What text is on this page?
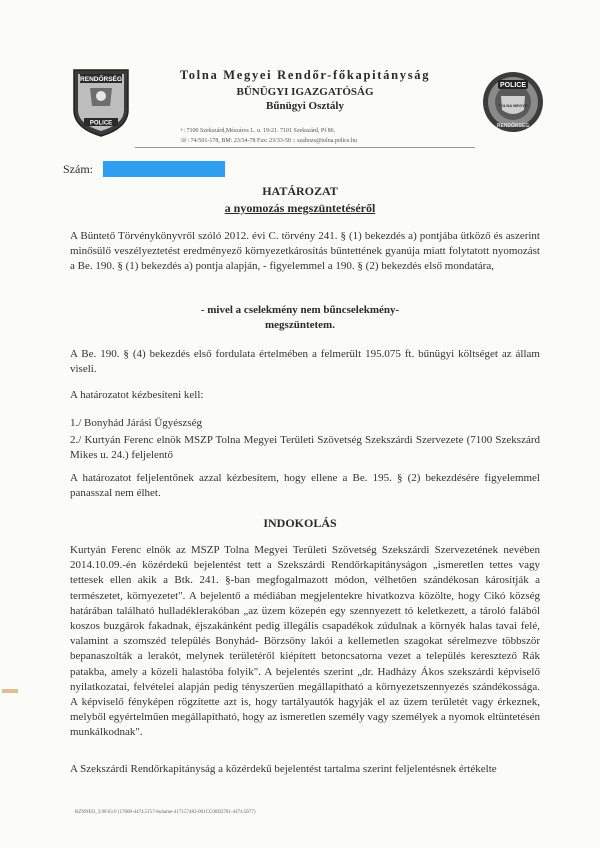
RENDŐRSÉG
POLICE
POLICE
TOLNA MEGYE
RENDŐRSÉG
Tolna Megyei Rendőr-főkapitányság
BŰNÜGYI IGAZGATÓSÁG
Bűnügyi Osztály
+: 7100 Szekszárd,Mészáros L. u. 19-21. 7101 Szekszárd, Pf 86.
☏: 74/501-178, BM: 23/34-78 Fax: 23/33-50 :: szabozs@tolna.police.hu
Szám:
HATÁROZAT
a nyomozás megszüntetéséről
A Büntető Törvénykönyvről szóló 2012. évi C. törvény 241. § (1) bekezdés a) pontjába ütköző és aszerint minősülő veszélyeztetést eredményező környezetkárosítás bűntettének gyanúja miatt folytatott nyomozást a Be. 190. § (1) bekezdés a) pontja alapján, - figyelemmel a 190. § (2) bekezdés első mondatára,
- mivel a cselekmény nem bűncselekmény-
megszüntetem.
A Be. 190. § (4) bekezdés első fordulata értelmében a felmerült 195.075 ft. bűnügyi költséget az állam viseli.
A határozatot kézbesíteni kell:
1./ Bonyhád Járási Ügyészség
2./ Kurtyán Ferenc elnök MSZP Tolna Megyei Területi Szövetség Szekszárdi Szervezete (7100 Szekszárd Mikes u. 24.) feljelentő
A határozatot feljelentőnek azzal kézbesítem, hogy ellene a Be. 195. § (2) bekezdésére figyelemmel panasszal nem élhet.
INDOKOLÁS
Kurtyán Ferenc elnök az MSZP Tolna Megyei Területi Szövetség Szekszárdi Szervezetének nevében 2014.10.09.-én közérdekű bejelentést tett a Szekszárdi Rendőrkapitányságon „ismeretlen tettes vagy tettesek ellen akik a Btk. 241. §-ban megfogalmazott módon, vélhetően szándékosan károsítják a természetet, környezetet". A bejelentő a médiában megjelentekre hivatkozva közölte, hogy Cikó község határában található hulladéklerakóban „az üzem közepén egy szennyezett tó keletkezett, a tároló falából koszos buzgárok fakadnak, éjszakánként pedig illegális csapadékok zúdulnak a környék halas tavai felé, valamint a szomszéd település Bonyhád- Börzsöny lakói a kellemetlen szagokat sérelmezve többször bepanaszolták a lerakót, melynek területéről kiépített betoncsatorna vezet a település keresztező Rák patakba, amely a közeli halastóba folyik". A bejelentés szerint „dr. Hadházy Ákos szekszárdi képviselő nyilatkozatai, felvételei alapján pedig tényszerűen megállapítható a környezetszennyezés szándékossága. A képviselő fényképen rögzítette azt is, hogy tartályautók hagyják el az üzem területét vagy érkeznek, melyből egyértelműen megállapítható, hogy az ismeretlen személy vagy személyek a nyomok eltüntetésén munkálkodnak".
A Szekszárdi Rendőrkapitányság a közérdekű bejelentést tartalma szerint feljelentésnek értékelte
RZNNEO_3.90.63.0 (17000-4474.5157-buhame-417157483-001CC00D2781-4474.5677)
